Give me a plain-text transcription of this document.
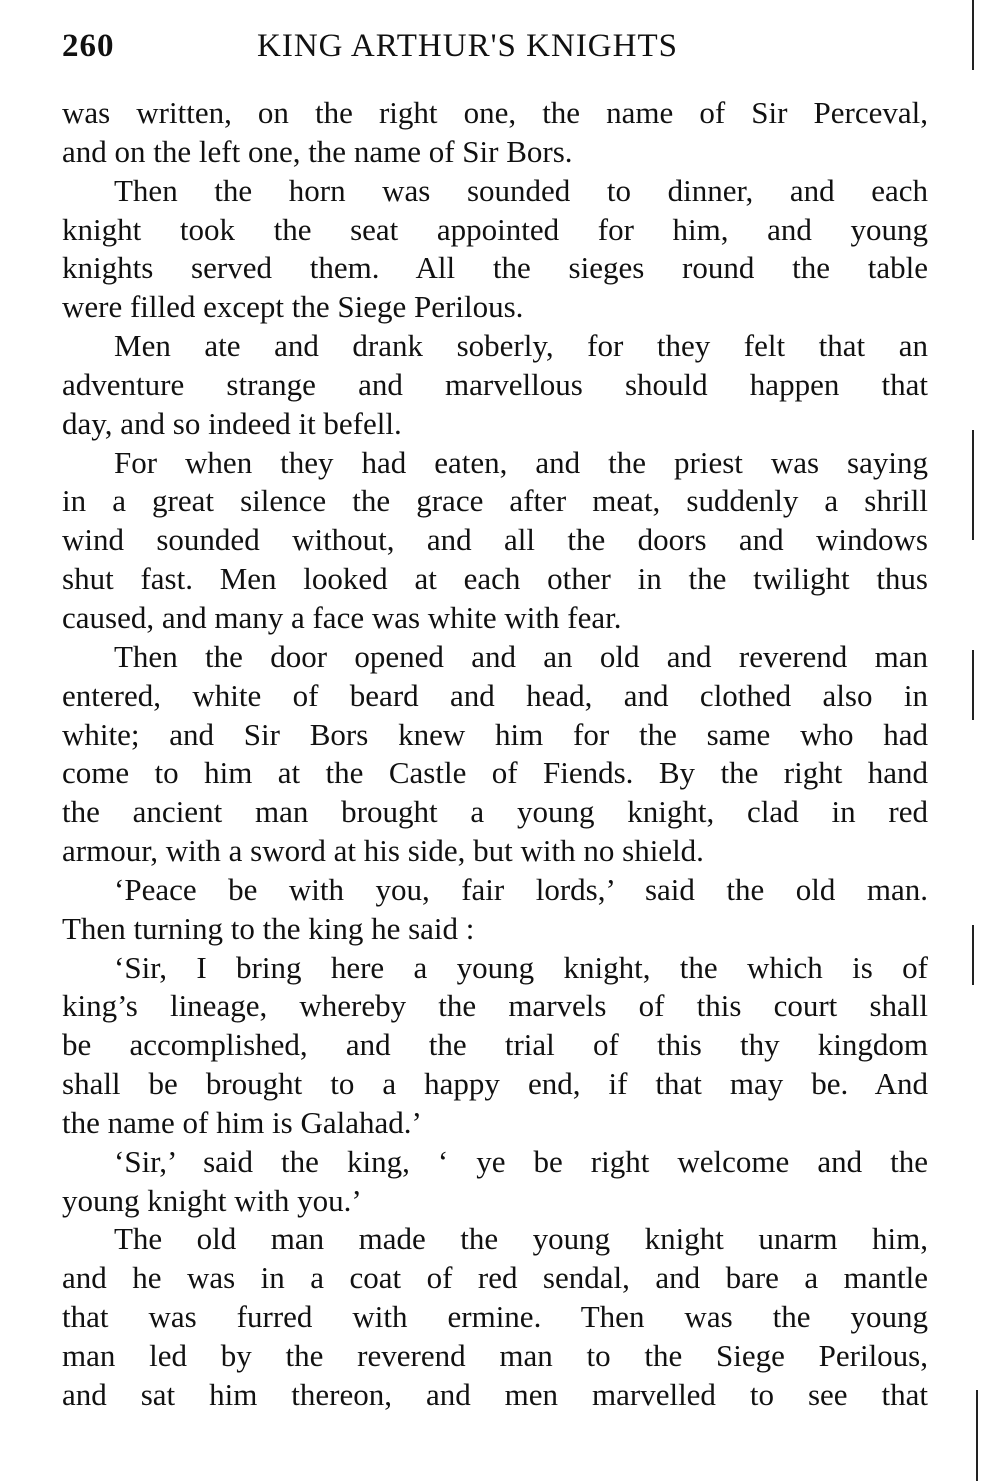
260	KING ARTHUR'S KNIGHTS
was written, on the right one, the name of Sir Perceval,
and on the left one, the name of Sir Bors.
Then the horn was sounded to dinner, and each
knight took the seat appointed for him, and young
knights served them. All the sieges round the table
were filled except the Siege Perilous.
Men ate and drank soberly, for they felt that an
adventure strange and marvellous should happen that
day, and so indeed it befell.
For when they had eaten, and the priest was saying
in a great silence the grace after meat, suddenly a shrill
wind sounded without, and all the doors and windows
shut fast. Men looked at each other in the twilight thus
caused, and many a face was white with fear.
Then the door opened and an old and reverend man
entered, white of beard and head, and clothed also in
white; and Sir Bors knew him for the same who had
come to him at the Castle of Fiends. By the right hand
the ancient man brought a young knight, clad in red
armour, with a sword at his side, but with no shield.
‘Peace be with you, fair lords,’ said the old man.
Then turning to the king he said :
‘Sir, I bring here a young knight, the which is of
king’s lineage, whereby the marvels of this court shall
be accomplished, and the trial of this thy kingdom
shall be brought to a happy end, if that may be. And
the name of him is Galahad.’
‘Sir,’ said the king, ‘ ye be right welcome and the
young knight with you.’
The old man made the young knight unarm him,
and he was in a coat of red sendal, and bare a mantle
that was furred with ermine. Then was the young
man led by the reverend man to the Siege Perilous,
and sat him thereon, and men marvelled to see that
